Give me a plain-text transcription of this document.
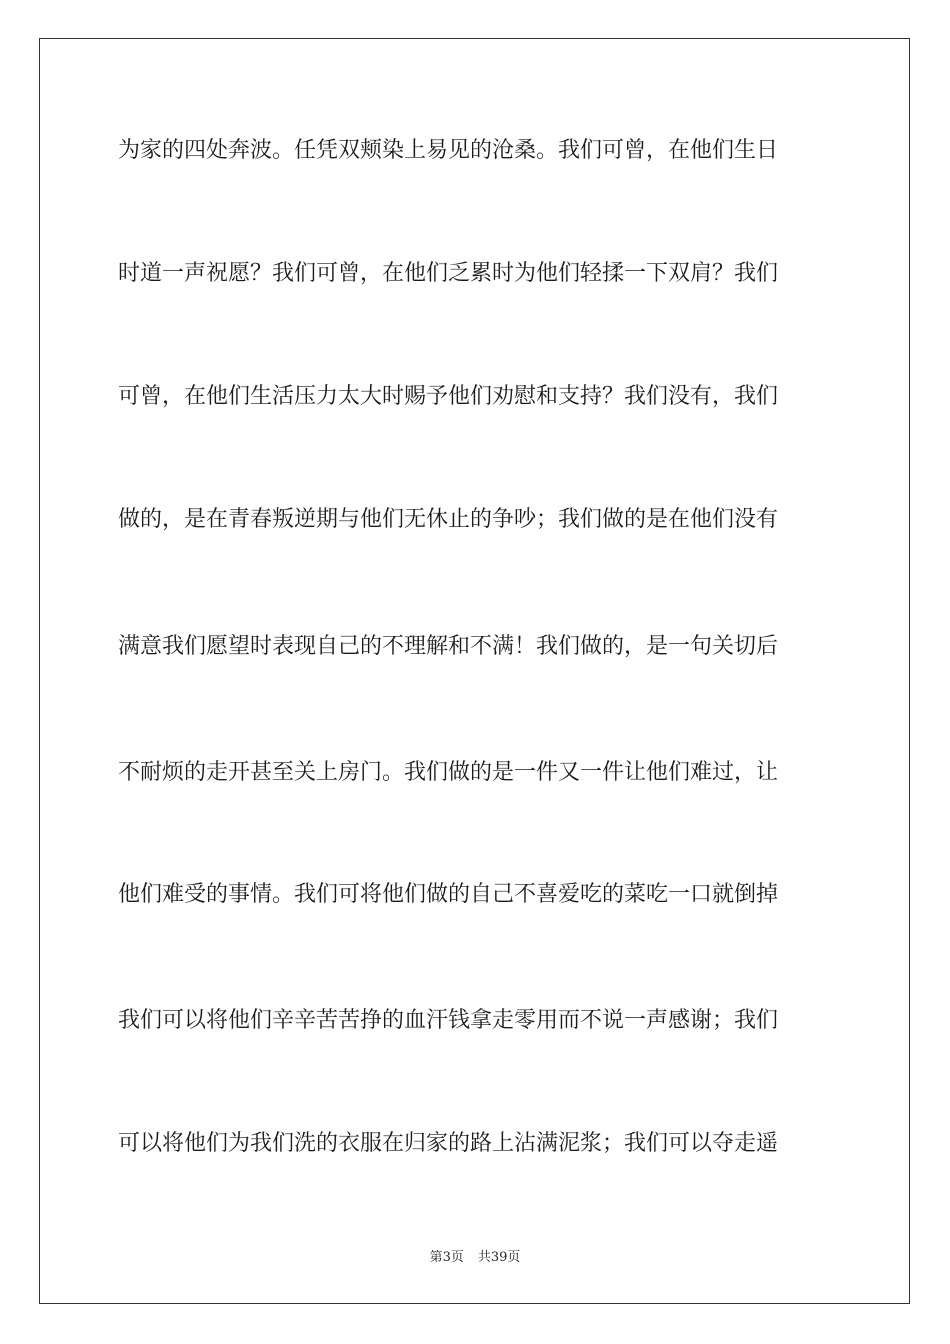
为家的四处奔波。任凭双颊染上易见的沧桑。我们可曾，在他们生日
时道一声祝愿？我们可曾，在他们乏累时为他们轻揉一下双肩？我们
可曾，在他们生活压力太大时赐予他们劝慰和支持？我们没有，我们
做的，是在青春叛逆期与他们无休止的争吵；我们做的是在他们没有
满意我们愿望时表现自己的不理解和不满！我们做的，是一句关切后
不耐烦的走开甚至关上房门。我们做的是一件又一件让他们难过，让
他们难受的事情。我们可将他们做的自己不喜爱吃的菜吃一口就倒掉
我们可以将他们辛辛苦苦挣的血汗钱拿走零用而不说一声感谢；我们
可以将他们为我们洗的衣服在归家的路上沾满泥浆；我们可以夺走遥
第3页 共39页
